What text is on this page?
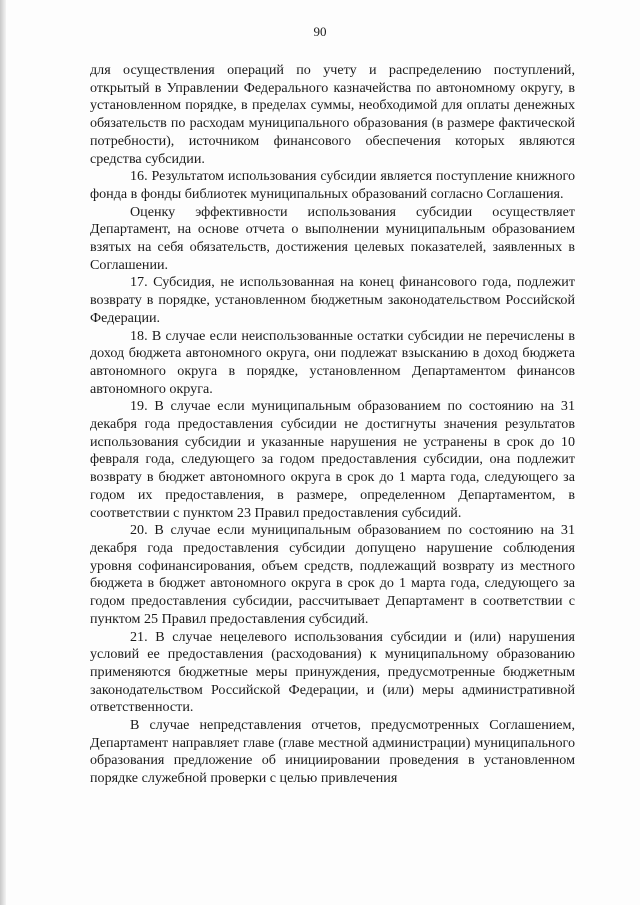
90

для осуществления операций по учету и распределению поступлений, открытый в Управлении Федерального казначейства по автономному округу, в установленном порядке, в пределах суммы, необходимой для оплаты денежных обязательств по расходам муниципального образования (в размере фактической потребности), источником финансового обеспечения которых являются средства субсидии.

16. Результатом использования субсидии является поступление книжного фонда в фонды библиотек муниципальных образований согласно Соглашения.

Оценку эффективности использования субсидии осуществляет Департамент, на основе отчета о выполнении муниципальным образованием взятых на себя обязательств, достижения целевых показателей, заявленных в Соглашении.

17. Субсидия, не использованная на конец финансового года, подлежит возврату в порядке, установленном бюджетным законодательством Российской Федерации.

18. В случае если неиспользованные остатки субсидии не перечислены в доход бюджета автономного округа, они подлежат взысканию в доход бюджета автономного округа в порядке, установленном Департаментом финансов автономного округа.

19. В случае если муниципальным образованием по состоянию на 31 декабря года предоставления субсидии не достигнуты значения результатов использования субсидии и указанные нарушения не устранены в срок до 10 февраля года, следующего за годом предоставления субсидии, она подлежит возврату в бюджет автономного округа в срок до 1 марта года, следующего за годом их предоставления, в размере, определенном Департаментом, в соответствии с пунктом 23 Правил предоставления субсидий.

20. В случае если муниципальным образованием по состоянию на 31 декабря года предоставления субсидии допущено нарушение соблюдения уровня софинансирования, объем средств, подлежащий возврату из местного бюджета в бюджет автономного округа в срок до 1 марта года, следующего за годом предоставления субсидии, рассчитывает Департамент в соответствии с пунктом 25 Правил предоставления субсидий.

21. В случае нецелевого использования субсидии и (или) нарушения условий ее предоставления (расходования) к муниципальному образованию применяются бюджетные меры принуждения, предусмотренные бюджетным законодательством Российской Федерации, и (или) меры административной ответственности.

В случае непредставления отчетов, предусмотренных Соглашением, Департамент направляет главе (главе местной администрации) муниципального образования предложение об инициировании проведения в установленном порядке служебной проверки с целью привлечения
